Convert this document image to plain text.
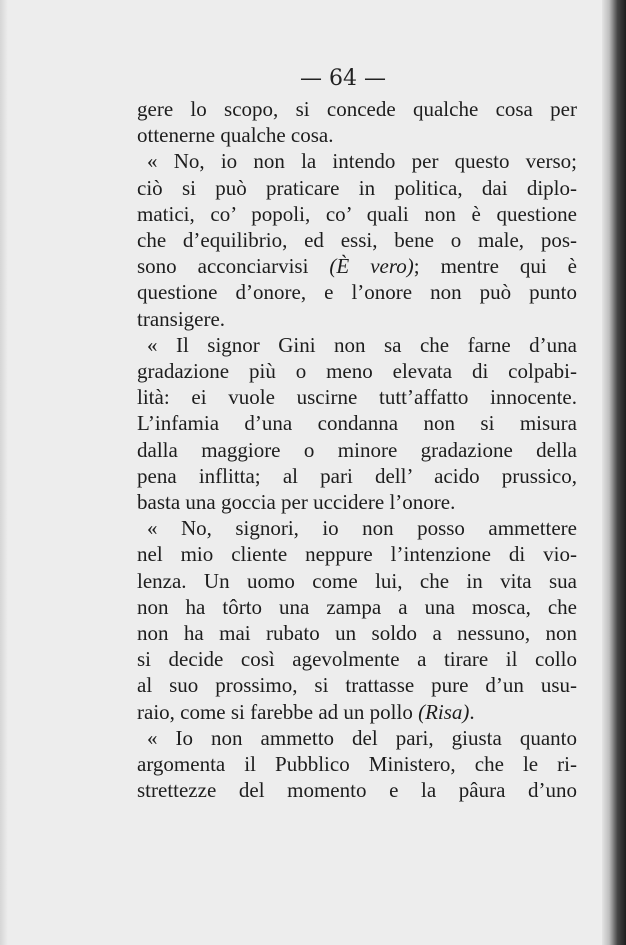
— 64 —

gere lo scopo, si concede qualche cosa per
ottenerne qualche cosa.
« No, io non la intendo per questo verso;
ciò si può praticare in politica, dai diplo-
matici, co’ popoli, co’ quali non è questione
che d’equilibrio, ed essi, bene o male, pos-
sono acconciarvisi (È vero); mentre qui è
questione d’onore, e l’onore non può punto
transigere.
« Il signor Gini non sa che farne d’una
gradazione più o meno elevata di colpabi-
lità: ei vuole uscirne tutt’affatto innocente.
L’infamia d’una condanna non si misura
dalla maggiore o minore gradazione della
pena inflitta; al pari dell’ acido prussico,
basta una goccia per uccidere l’onore.
« No, signori, io non posso ammettere
nel mio cliente neppure l’intenzione di vio-
lenza. Un uomo come lui, che in vita sua
non ha tôrto una zampa a una mosca, che
non ha mai rubato un soldo a nessuno, non
si decide così agevolmente a tirare il collo
al suo prossimo, si trattasse pure d’un usu-
raio, come si farebbe ad un pollo (Risa).
« Io non ammetto del pari, giusta quanto
argomenta il Pubblico Ministero, che le ri-
strettezze del momento e la pâura d’uno
